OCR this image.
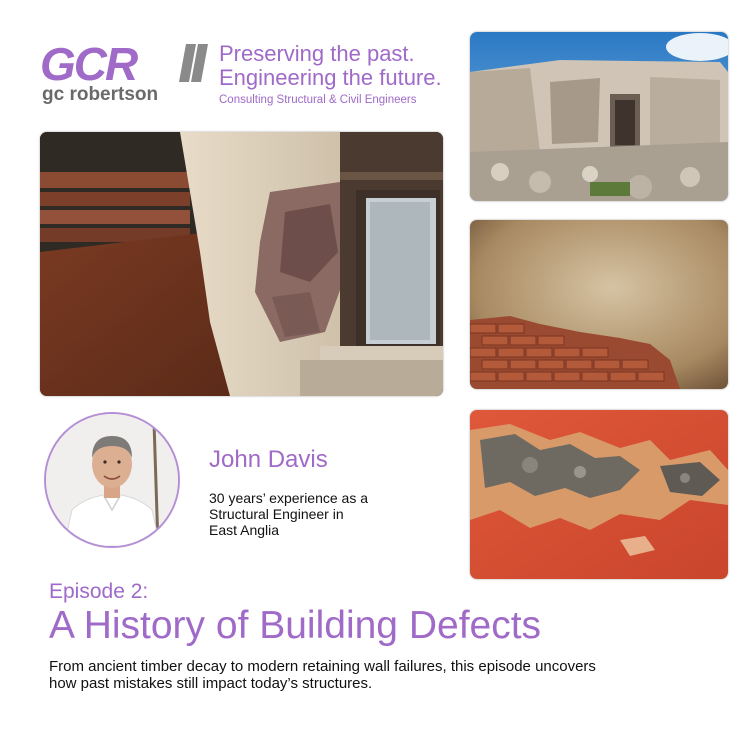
GCR
gc robertson
Preserving the past.
Engineering the future.
Consulting Structural & Civil Engineers
John Davis
30 years’ experience as a
Structural Engineer in
East Anglia
Episode 2:
A History of Building Defects
From ancient timber decay to modern retaining wall failures, this episode uncovers
how past mistakes still impact today’s structures.
